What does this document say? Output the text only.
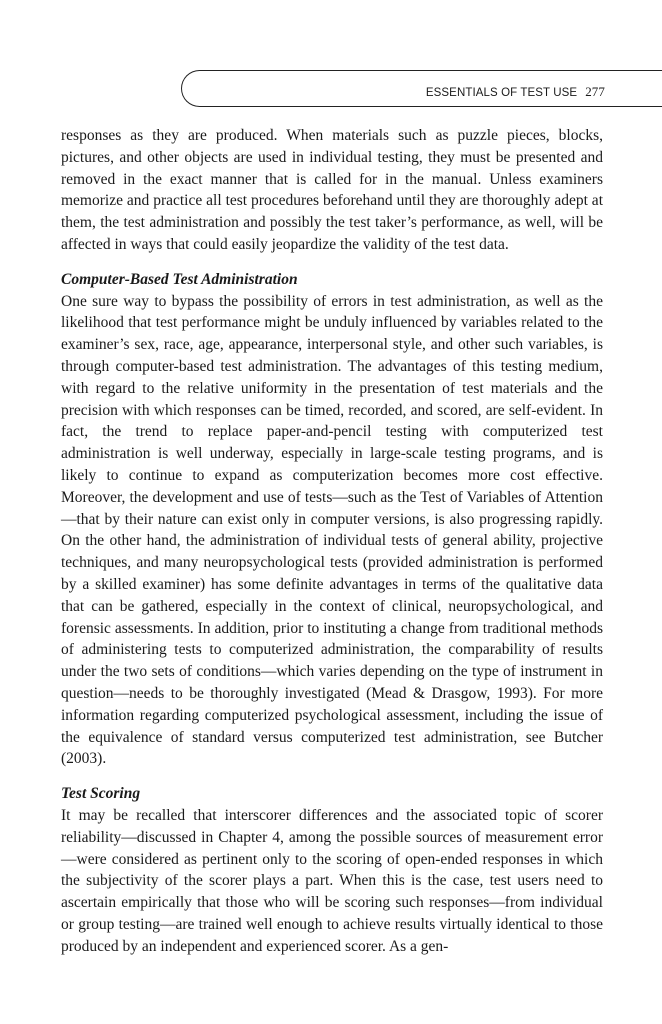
ESSENTIALS OF TEST USE 277

responses as they are produced. When materials such as puzzle pieces, blocks, pictures, and other objects are used in individual testing, they must be presented and removed in the exact manner that is called for in the manual. Unless examiners memorize and practice all test procedures beforehand until they are thoroughly adept at them, the test administration and possibly the test taker’s performance, as well, will be affected in ways that could easily jeopardize the validity of the test data.

Computer-Based Test Administration

One sure way to bypass the possibility of errors in test administration, as well as the likelihood that test performance might be unduly influenced by variables related to the examiner’s sex, race, age, appearance, interpersonal style, and other such variables, is through computer-based test administration. The advantages of this testing medium, with regard to the relative uniformity in the presentation of test materials and the precision with which responses can be timed, recorded, and scored, are self-evident. In fact, the trend to replace paper-and-pencil testing with computerized test administration is well underway, especially in large-scale testing programs, and is likely to continue to expand as computerization becomes more cost effective. Moreover, the development and use of tests—such as the Test of Variables of Attention—that by their nature can exist only in computer versions, is also progressing rapidly. On the other hand, the administration of individual tests of general ability, projective techniques, and many neuropsychological tests (provided administration is performed by a skilled examiner) has some definite advantages in terms of the qualitative data that can be gathered, especially in the context of clinical, neuropsychological, and forensic assessments. In addition, prior to instituting a change from traditional methods of administering tests to computerized administration, the comparability of results under the two sets of conditions—which varies depending on the type of instrument in question—needs to be thoroughly investigated (Mead & Drasgow, 1993). For more information regarding computerized psychological assessment, including the issue of the equivalence of standard versus computerized test administration, see Butcher (2003).

Test Scoring

It may be recalled that interscorer differences and the associated topic of scorer reliability—discussed in Chapter 4, among the possible sources of measurement error—were considered as pertinent only to the scoring of open-ended responses in which the subjectivity of the scorer plays a part. When this is the case, test users need to ascertain empirically that those who will be scoring such responses—from individual or group testing—are trained well enough to achieve results virtually identical to those produced by an independent and experienced scorer. As a gen-
